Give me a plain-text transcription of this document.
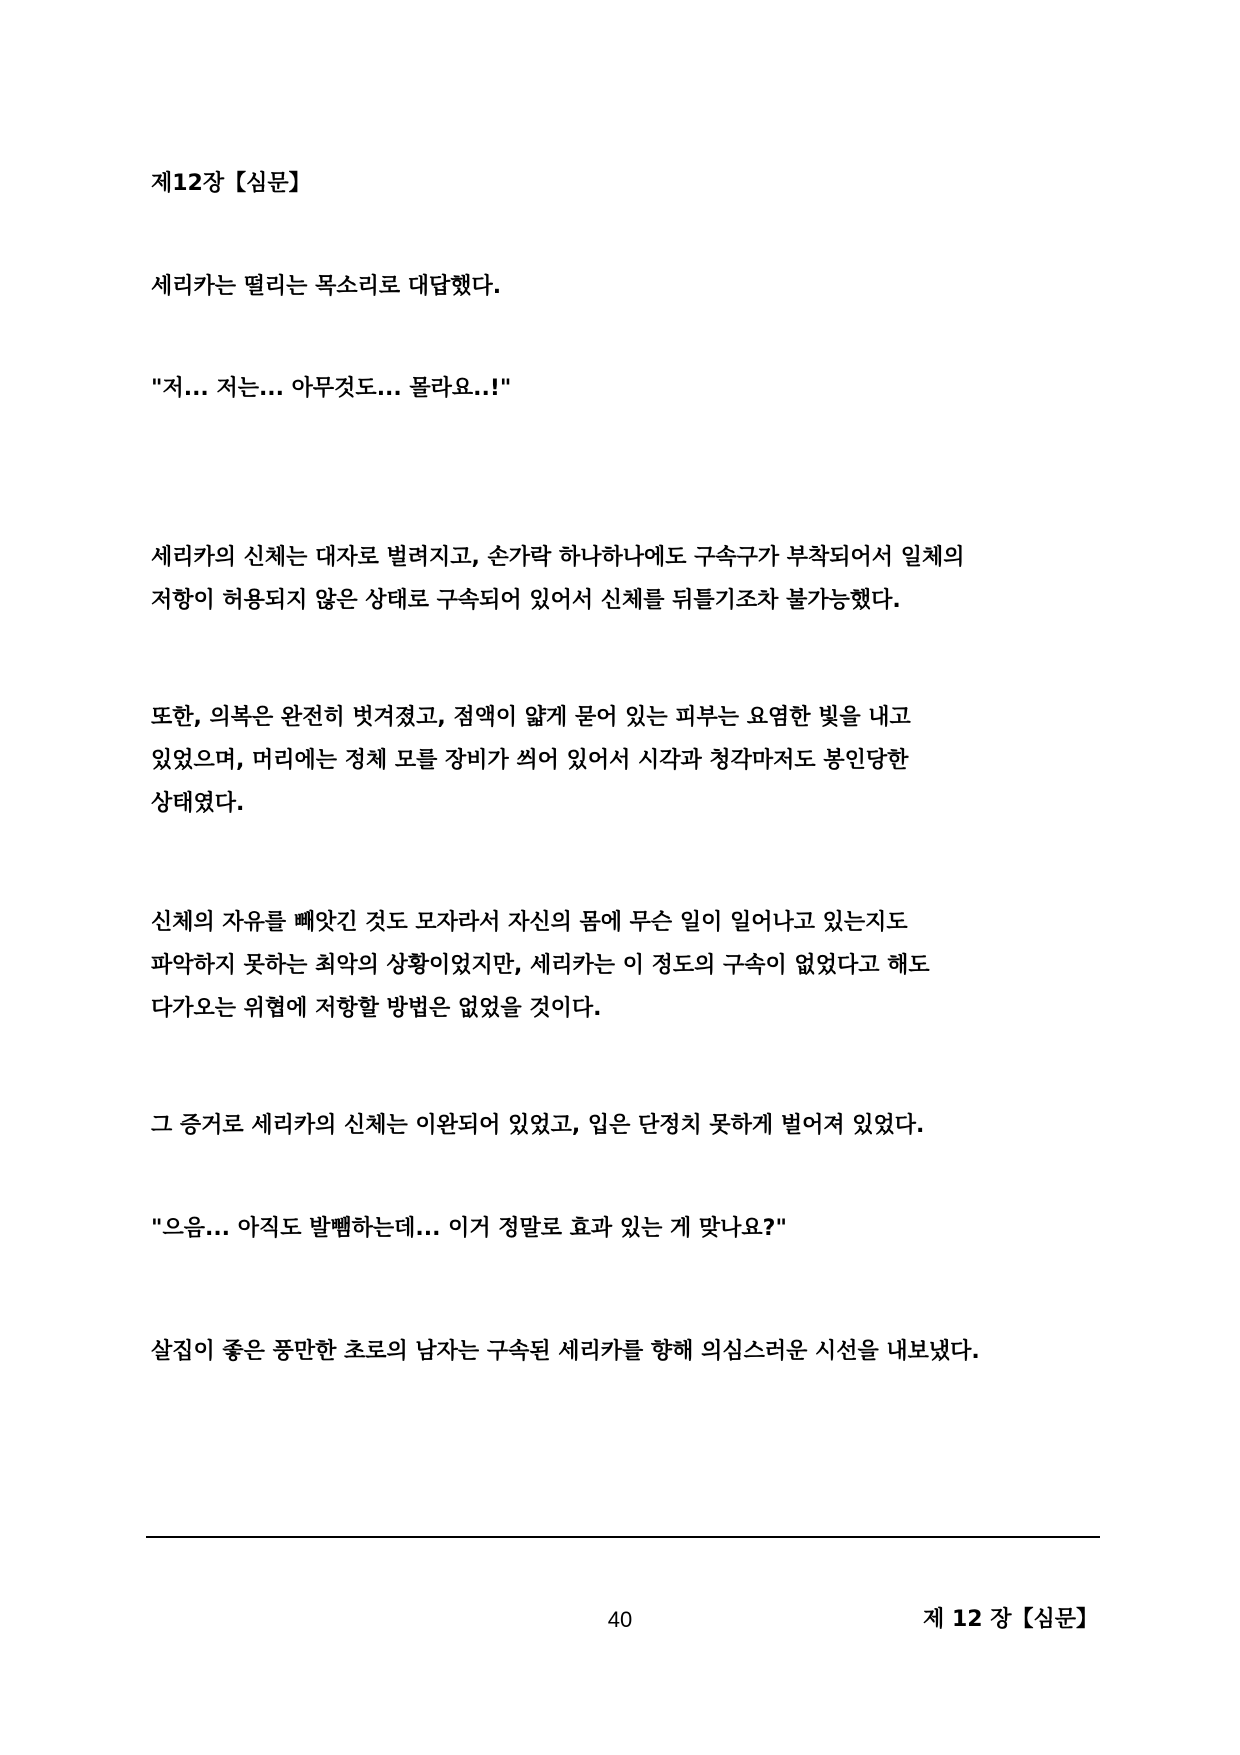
제12장【심문】

세리카는 떨리는 목소리로 대답했다.

"저... 저는... 아무것도... 몰라요..!"

세리카의 신체는 대자로 벌려지고, 손가락 하나하나에도 구속구가 부착되어서 일체의
저항이 허용되지 않은 상태로 구속되어 있어서 신체를 뒤틀기조차 불가능했다.

또한, 의복은 완전히 벗겨졌고, 점액이 얇게 묻어 있는 피부는 요염한 빛을 내고
있었으며, 머리에는 정체 모를 장비가 씌어 있어서 시각과 청각마저도 봉인당한
상태였다.

신체의 자유를 빼앗긴 것도 모자라서 자신의 몸에 무슨 일이 일어나고 있는지도
파악하지 못하는 최악의 상황이었지만, 세리카는 이 정도의 구속이 없었다고 해도
다가오는 위협에 저항할 방법은 없었을 것이다.

그 증거로 세리카의 신체는 이완되어 있었고, 입은 단정치 못하게 벌어져 있었다.

"으음... 아직도 발뺌하는데... 이거 정말로 효과 있는 게 맞나요?"

살집이 좋은 풍만한 초로의 남자는 구속된 세리카를 향해 의심스러운 시선을 내보냈다.

40	제 12 장【심문】
